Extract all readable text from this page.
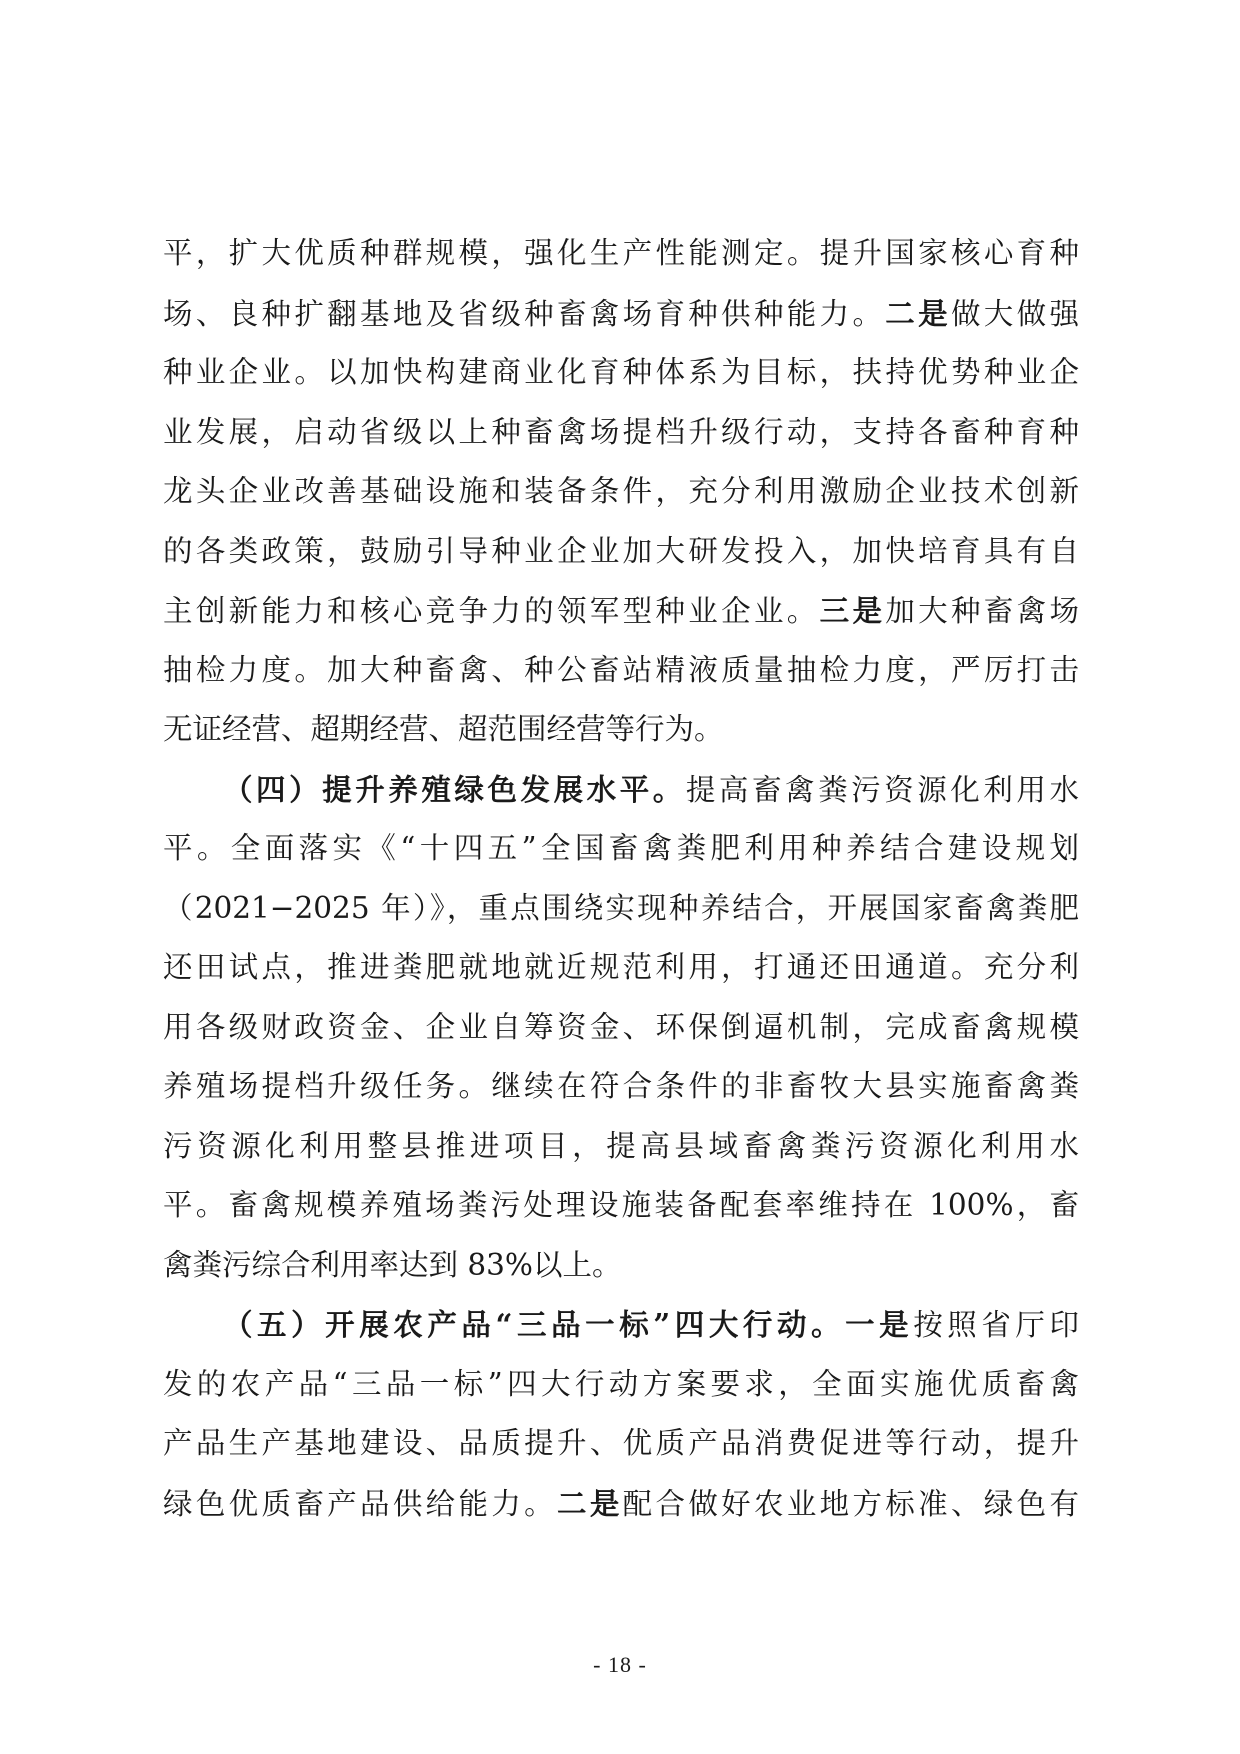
平，扩大优质种群规模，强化生产性能测定。提升国家核心育种
场、良种扩翻基地及省级种畜禽场育种供种能力。二是做大做强
种业企业。以加快构建商业化育种体系为目标，扶持优势种业企
业发展，启动省级以上种畜禽场提档升级行动，支持各畜种育种
龙头企业改善基础设施和装备条件，充分利用激励企业技术创新
的各类政策，鼓励引导种业企业加大研发投入，加快培育具有自
主创新能力和核心竞争力的领军型种业企业。三是加大种畜禽场
抽检力度。加大种畜禽、种公畜站精液质量抽检力度，严厉打击
无证经营、超期经营、超范围经营等行为。
（四）提升养殖绿色发展水平。提高畜禽粪污资源化利用水
平。全面落实《“十四五”全国畜禽粪肥利用种养结合建设规划
（2021−2025 年）》，重点围绕实现种养结合，开展国家畜禽粪肥
还田试点，推进粪肥就地就近规范利用，打通还田通道。充分利
用各级财政资金、企业自筹资金、环保倒逼机制，完成畜禽规模
养殖场提档升级任务。继续在符合条件的非畜牧大县实施畜禽粪
污资源化利用整县推进项目，提高县域畜禽粪污资源化利用水
平。畜禽规模养殖场粪污处理设施装备配套率维持在 100%，畜
禽粪污综合利用率达到 83%以上。
（五）开展农产品“三品一标”四大行动。一是按照省厅印
发的农产品“三品一标”四大行动方案要求，全面实施优质畜禽
产品生产基地建设、品质提升、优质产品消费促进等行动，提升
绿色优质畜产品供给能力。二是配合做好农业地方标准、绿色有
- 18 -
